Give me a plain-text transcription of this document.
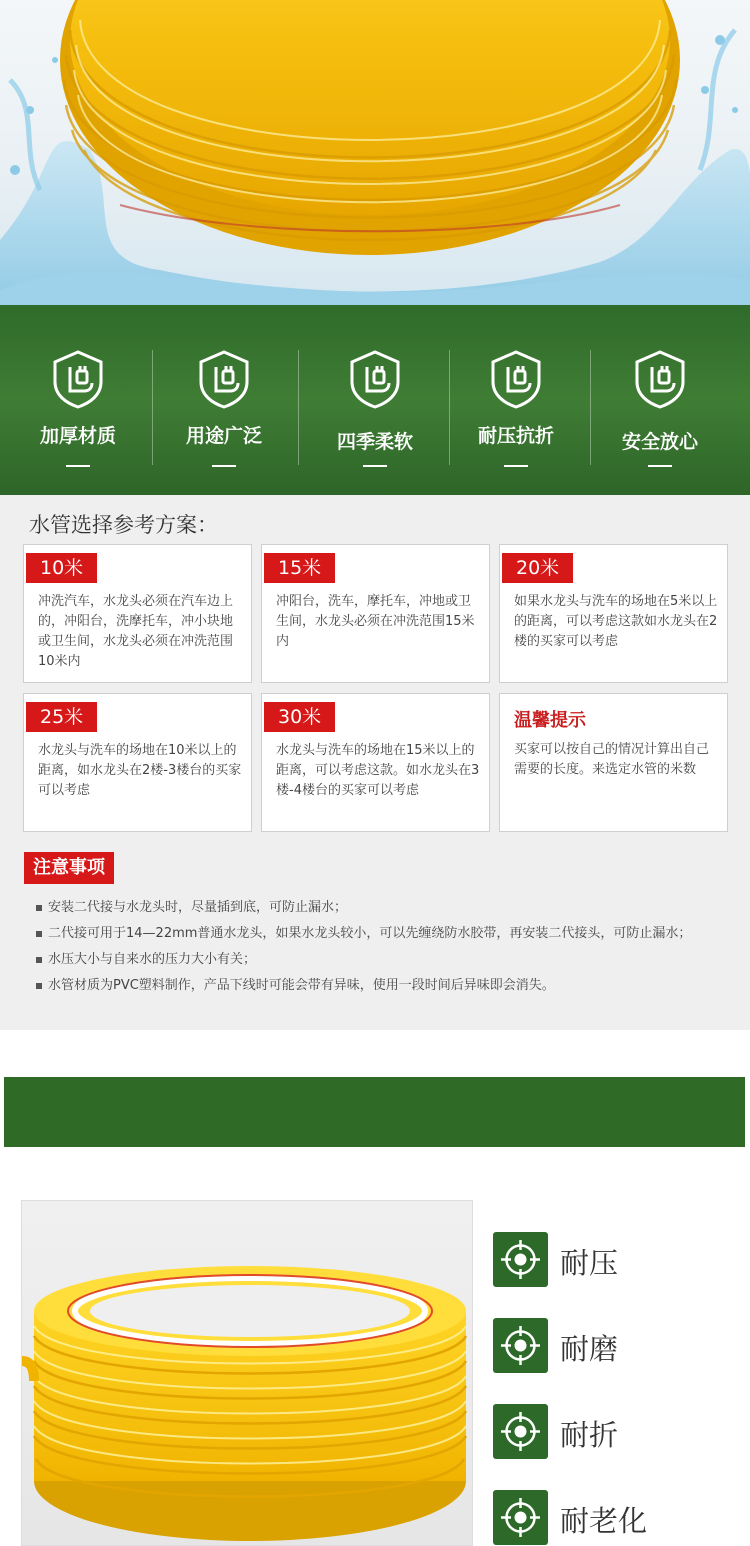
加厚材质	用途广泛	四季柔软	耐压抗折	安全放心
水管选择参考方案：
10米
冲洗汽车，水龙头必须在汽车边上的，冲阳台，洗摩托车，冲小块地或卫生间，水龙头必须在冲洗范围10米内
15米
冲阳台，洗车，摩托车，冲地或卫生间，水龙头必须在冲洗范围15米内
20米
如果水龙头与洗车的场地在5米以上的距离，可以考虑这款如水龙头在2楼的买家可以考虑
25米
水龙头与洗车的场地在10米以上的距离，如水龙头在2楼-3楼台的买家可以考虑
30米
水龙头与洗车的场地在15米以上的距离，可以考虑这款。如水龙头在3楼-4楼台的买家可以考虑
温馨提示
买家可以按自己的情况计算出自己需要的长度。来选定水管的米数
注意事项
安装二代接与水龙头时，尽量插到底，可防止漏水；
二代接可用于14—22mm普通水龙头，如果水龙头较小，可以先缠绕防水胶带，再安装二代接头，可防止漏水；
水压大小与自来水的压力大小有关；
水管材质为PVC塑料制作，产品下线时可能会带有异味，使用一段时间后异味即会消失。
耐压
耐磨
耐折
耐老化
